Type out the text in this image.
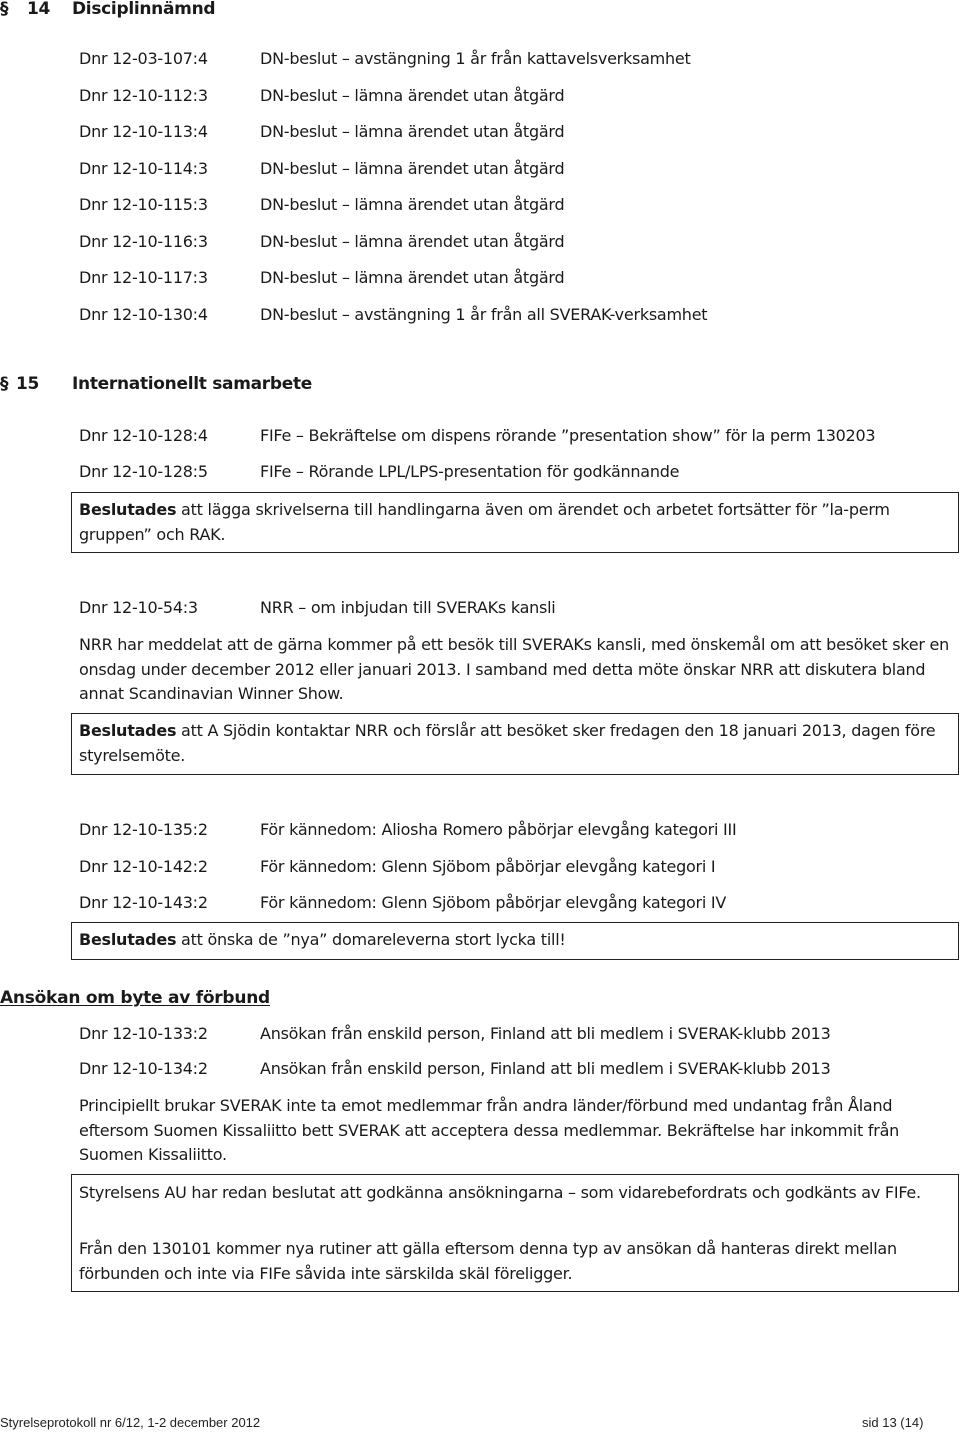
§ 14 Disciplinnämnd
Dnr 12-03-107:4	DN-beslut – avstängning 1 år från kattavelsverksamhet
Dnr 12-10-112:3	DN-beslut – lämna ärendet utan åtgärd
Dnr 12-10-113:4	DN-beslut – lämna ärendet utan åtgärd
Dnr 12-10-114:3	DN-beslut – lämna ärendet utan åtgärd
Dnr 12-10-115:3	DN-beslut – lämna ärendet utan åtgärd
Dnr 12-10-116:3	DN-beslut – lämna ärendet utan åtgärd
Dnr 12-10-117:3	DN-beslut – lämna ärendet utan åtgärd
Dnr 12-10-130:4	DN-beslut – avstängning 1 år från all SVERAK-verksamhet
§ 15 Internationellt samarbete
Dnr 12-10-128:4	FIFe – Bekräftelse om dispens rörande ”presentation show” för la perm 130203
Dnr 12-10-128:5	FIFe – Rörande LPL/LPS-presentation för godkännande
Beslutades att lägga skrivelserna till handlingarna även om ärendet och arbetet fortsätter för ”la-perm gruppen” och RAK.
Dnr 12-10-54:3	NRR – om inbjudan till SVERAKs kansli
NRR har meddelat att de gärna kommer på ett besök till SVERAKs kansli, med önskemål om att besöket sker en onsdag under december 2012 eller januari 2013. I samband med detta möte önskar NRR att diskutera bland annat Scandinavian Winner Show.
Beslutades att A Sjödin kontaktar NRR och förslår att besöket sker fredagen den 18 januari 2013, dagen före styrelsemöte.
Dnr 12-10-135:2	För kännedom: Aliosha Romero påbörjar elevgång kategori III
Dnr 12-10-142:2	För kännedom: Glenn Sjöbom påbörjar elevgång kategori I
Dnr 12-10-143:2	För kännedom: Glenn Sjöbom påbörjar elevgång kategori IV
Beslutades att önska de ”nya” domareleverna stort lycka till!
Ansökan om byte av förbund
Dnr 12-10-133:2	Ansökan från enskild person, Finland att bli medlem i SVERAK-klubb 2013
Dnr 12-10-134:2	Ansökan från enskild person, Finland att bli medlem i SVERAK-klubb 2013
Principiellt brukar SVERAK inte ta emot medlemmar från andra länder/förbund med undantag från Åland eftersom Suomen Kissaliitto bett SVERAK att acceptera dessa medlemmar. Bekräftelse har inkommit från Suomen Kissaliitto.
Styrelsens AU har redan beslutat att godkänna ansökningarna – som vidarebefordrats och godkänts av FIFe.
Från den 130101 kommer nya rutiner att gälla eftersom denna typ av ansökan då hanteras direkt mellan förbunden och inte via FIFe såvida inte särskilda skäl föreligger.
Styrelseprotokoll nr 6/12, 1-2 december 2012	sid 13 (14)
